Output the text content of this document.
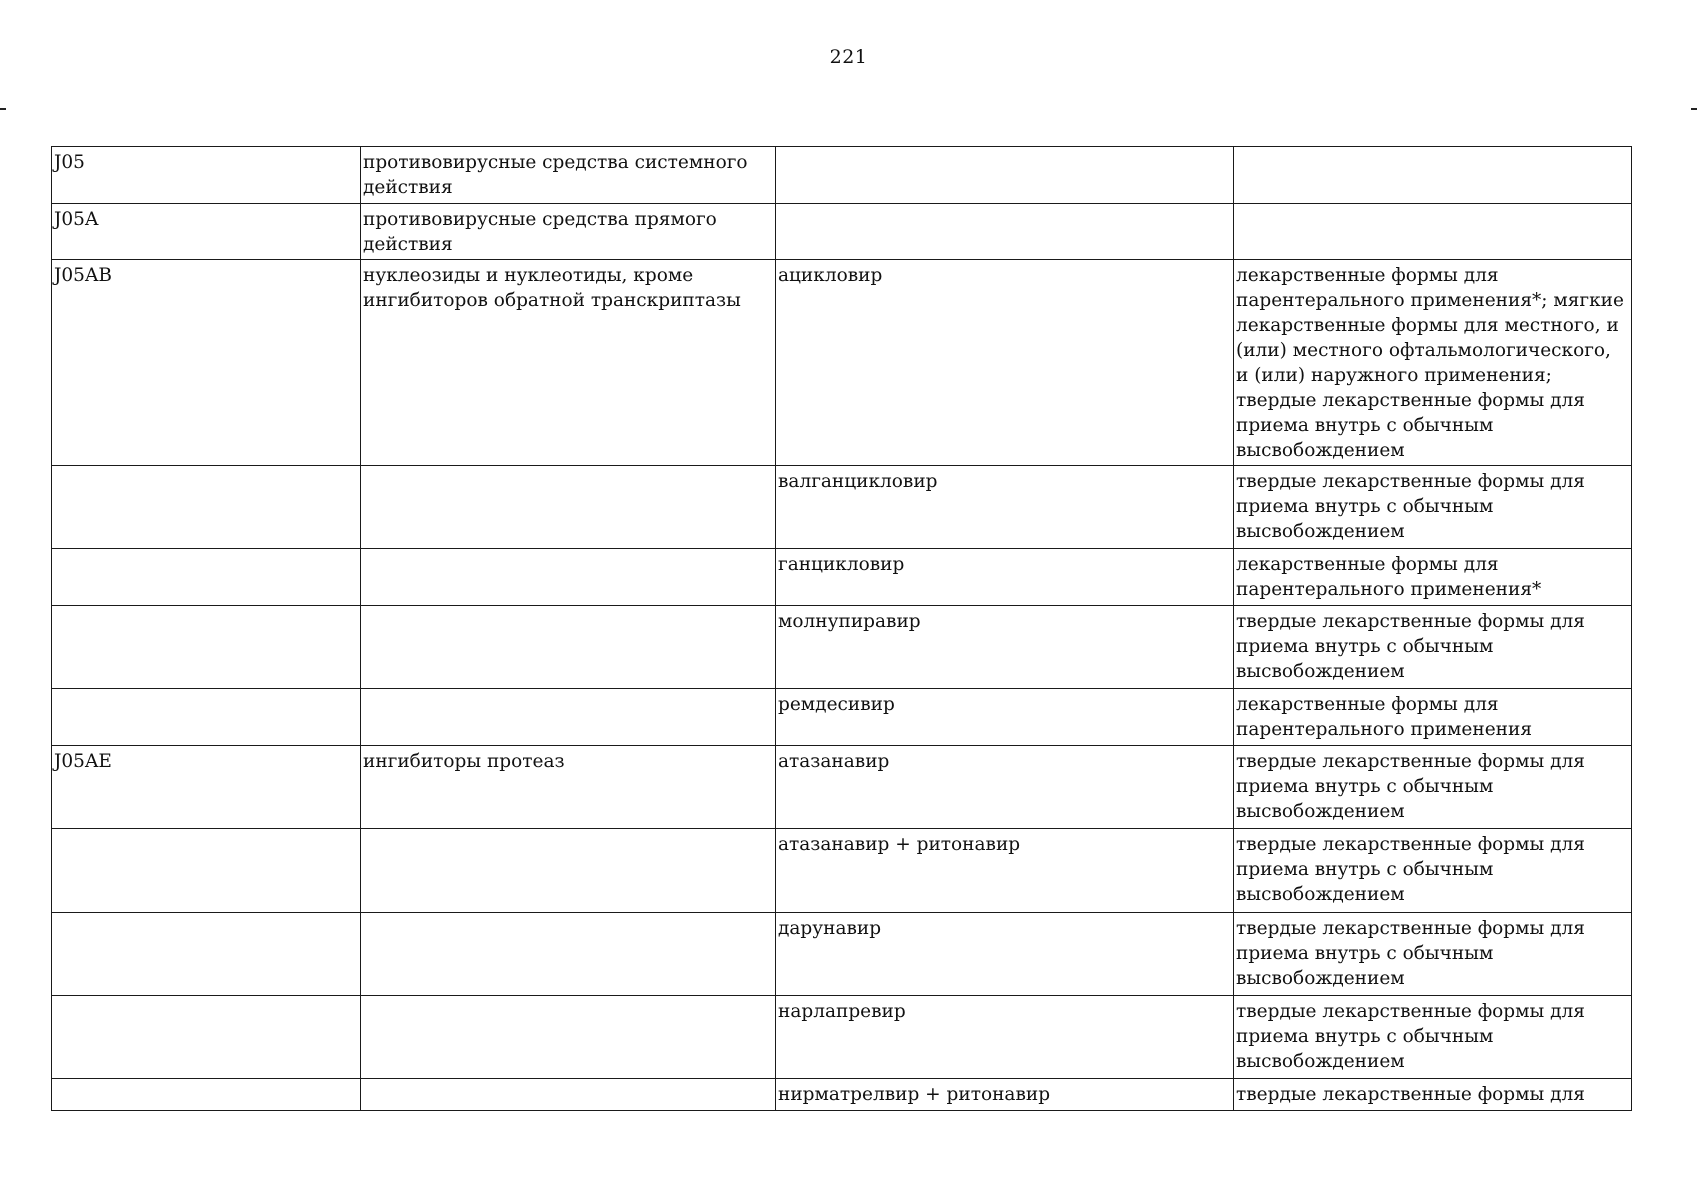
221
J05	противовирусные средства системного действия		
J05A	противовирусные средства прямого действия		
J05AB	нуклеозиды и нуклеотиды, кроме ингибиторов обратной транскриптазы	ацикловир	лекарственные формы для парентерального применения*; мягкие лекарственные формы для местного, и (или) местного офтальмологического, и (или) наружного применения; твердые лекарственные формы для приема внутрь с обычным высвобождением
		валганцикловир	твердые лекарственные формы для приема внутрь с обычным высвобождением
		ганцикловир	лекарственные формы для парентерального применения*
		молнупиравир	твердые лекарственные формы для приема внутрь с обычным высвобождением
		ремдесивир	лекарственные формы для парентерального применения
J05AE	ингибиторы протеаз	атазанавир	твердые лекарственные формы для приема внутрь с обычным высвобождением
		атазанавир + ритонавир	твердые лекарственные формы для приема внутрь с обычным высвобождением
		дарунавир	твердые лекарственные формы для приема внутрь с обычным высвобождением
		нарлапревир	твердые лекарственные формы для приема внутрь с обычным высвобождением
		нирматрелвир + ритонавир	твердые лекарственные формы для
